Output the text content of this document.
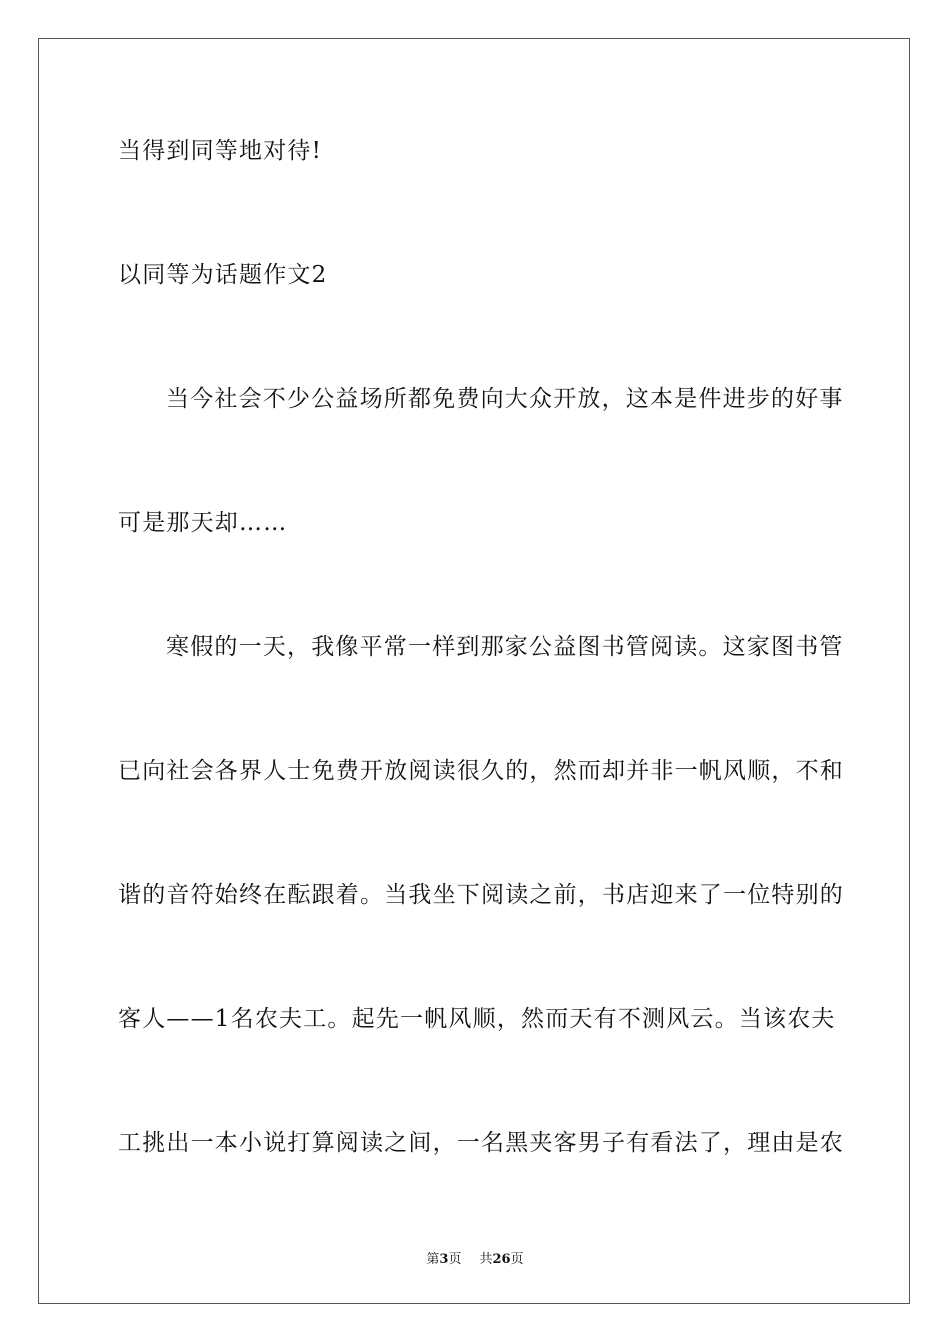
当得到同等地对待!
以同等为话题作文2
当今社会不少公益场所都免费向大众开放，这本是件进步的好事
可是那天却……
寒假的一天，我像平常一样到那家公益图书管阅读。这家图书管
已向社会各界人士免费开放阅读很久的，然而却并非一帆风顺，不和
谐的音符始终在酝跟着。当我坐下阅读之前，书店迎来了一位特别的
客人——1名农夫工。起先一帆风顺，然而天有不测风云。当该农夫
工挑出一本小说打算阅读之间，一名黑夹客男子有看法了，理由是农
第3页 共26页
